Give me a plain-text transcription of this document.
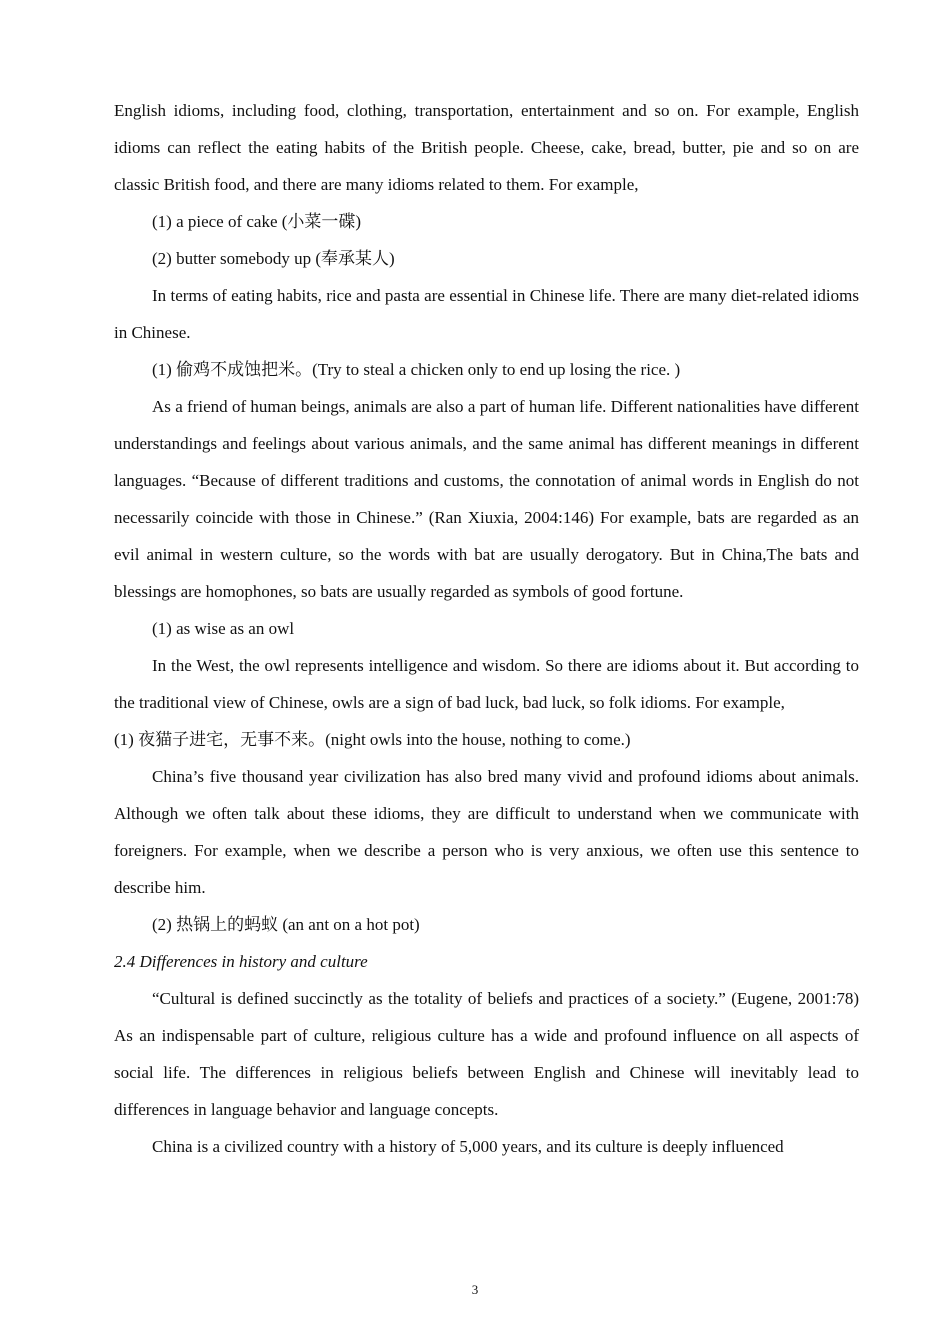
English idioms, including food, clothing, transportation, entertainment and so on. For example, English idioms can reflect the eating habits of the British people. Cheese, cake, bread, butter, pie and so on are classic British food, and there are many idioms related to them. For example,

(1) a piece of cake (小菜一碟)

(2) butter somebody up (奉承某人)

In terms of eating habits, rice and pasta are essential in Chinese life. There are many diet-related idioms in Chinese.

(1) 偷鸡不成蚀把米。(Try to steal a chicken only to end up losing the rice. )

As a friend of human beings, animals are also a part of human life. Different nationalities have different understandings and feelings about various animals, and the same animal has different meanings in different languages. “Because of different traditions and customs, the connotation of animal words in English do not necessarily coincide with those in Chinese.” (Ran Xiuxia, 2004:146) For example, bats are regarded as an evil animal in western culture, so the words with bat are usually derogatory. But in China,The bats and blessings are homophones, so bats are usually regarded as symbols of good fortune.

(1) as wise as an owl

In the West, the owl represents intelligence and wisdom. So there are idioms about it. But according to the traditional view of Chinese, owls are a sign of bad luck, bad luck, so folk idioms. For example,

(1) 夜猫子进宅，无事不来。(night owls into the house, nothing to come.)

China’s five thousand year civilization has also bred many vivid and profound idioms about animals. Although we often talk about these idioms, they are difficult to understand when we communicate with foreigners. For example, when we describe a person who is very anxious, we often use this sentence to describe him.

(2) 热锅上的蚂蚁 (an ant on a hot pot)

2.4 Differences in history and culture

“Cultural is defined succinctly as the totality of beliefs and practices of a society.” (Eugene, 2001:78) As an indispensable part of culture, religious culture has a wide and profound influence on all aspects of social life. The differences in religious beliefs between English and Chinese will inevitably lead to differences in language behavior and language concepts.

China is a civilized country with a history of 5,000 years, and its culture is deeply influenced

3
